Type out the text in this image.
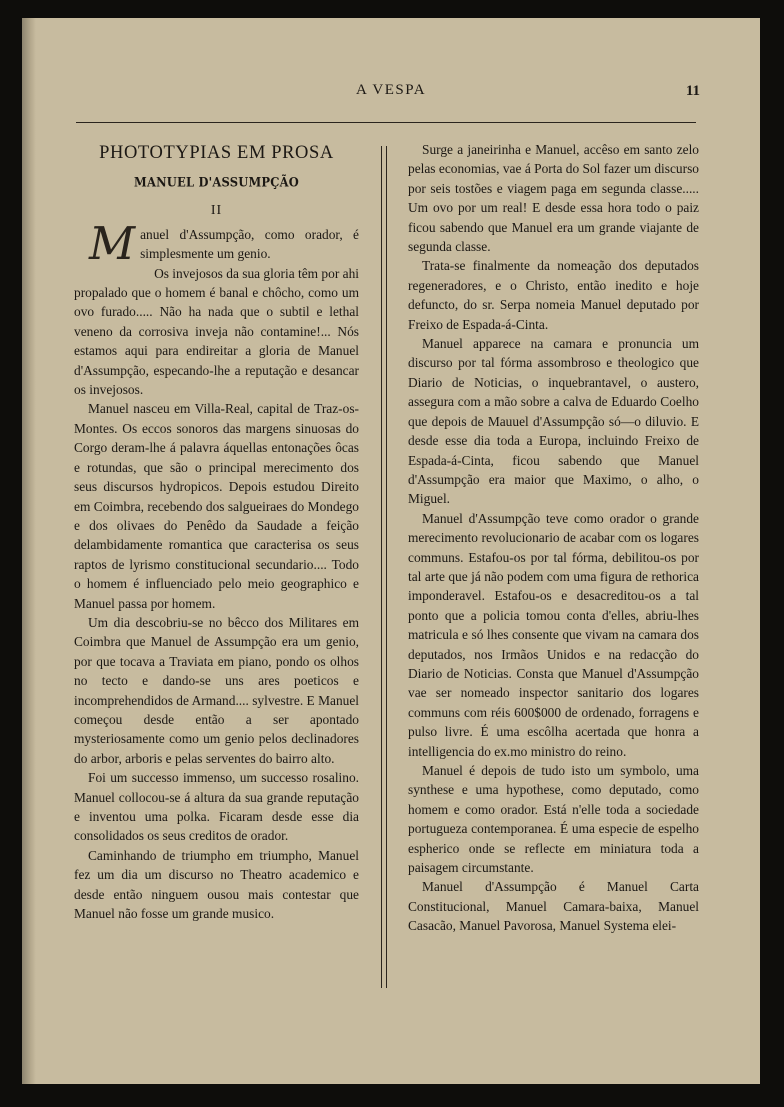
A VESPA	11
PHOTOTYPIAS EM PROSA
MANUEL D'ASSUMPÇÃO
II

Manuel d'Assumpção, como orador, é simplesmente um genio.

Os invejosos da sua gloria têm por ahi propalado que o homem é banal e chôcho, como um ovo furado..... Não ha nada que o subtil e lethal veneno da corrosiva inveja não contamine!... Nós estamos aqui para endireitar a gloria de Manuel d'Assumpção, especando-lhe a reputação e desancar os invejosos.

Manuel nasceu em Villa-Real, capital de Traz-os-Montes. Os eccos sonoros das margens sinuosas do Corgo deram-lhe á palavra áquellas entonações ôcas e rotundas, que são o principal merecimento dos seus discursos hydropicos. Depois estudou Direito em Coimbra, recebendo dos salgueiraes do Mondego e dos olivaes do Penêdo da Saudade a feição delambidamente romantica que caracterisa os seus raptos de lyrismo constitucional secundario.... Todo o homem é influenciado pelo meio geographico e Manuel passa por homem.

Um dia descobriu-se no bêcco dos Militares em Coimbra que Manuel de Assumpção era um genio, por que tocava a Traviata em piano, pondo os olhos no tecto e dando-se uns ares poeticos e incomprehendidos de Armand.... sylvestre. E Manuel começou desde então a ser apontado mysteriosamente como um genio pelos declinadores do arbor, arboris e pelas serventes do bairro alto.

Foi um successo immenso, um successo rosalino. Manuel collocou-se á altura da sua grande reputação e inventou uma polka. Ficaram desde esse dia consolidados os seus creditos de orador.

Caminhando de triumpho em triumpho, Manuel fez um dia um discurso no Theatro academico e desde então ninguem ousou mais contestar que Manuel não fosse um grande musico.

Surge a janeirinha e Manuel, accêso em santo zelo pelas economias, vae á Porta do Sol fazer um discurso por seis tostões e viagem paga em segunda classe..... Um ovo por um real! E desde essa hora todo o paiz ficou sabendo que Manuel era um grande viajante de segunda classe.

Trata-se finalmente da nomeação dos deputados regeneradores, e o Christo, então inedito e hoje defuncto, do sr. Serpa nomeia Manuel deputado por Freixo de Espada-á-Cinta.

Manuel apparece na camara e pronuncia um discurso por tal fórma assombroso e theologico que Diario de Noticias, o inquebrantavel, o austero, assegura com a mão sobre a calva de Eduardo Coelho que depois de Mauuel d'Assumpção só—o diluvio. E desde esse dia toda a Europa, incluindo Freixo de Espada-á-Cinta, ficou sabendo que Manuel d'Assumpção era maior que Maximo, o alho, o Miguel.

Manuel d'Assumpção teve como orador o grande merecimento revolucionario de acabar com os logares communs. Estafou-os por tal fórma, debilitou-os por tal arte que já não podem com uma figura de rethorica imponderavel. Estafou-os e desacreditou-os a tal ponto que a policia tomou conta d'elles, abriu-lhes matricula e só lhes consente que vivam na camara dos deputados, nos Irmãos Unidos e na redacção do Diario de Noticias. Consta que Manuel d'Assumpção vae ser nomeado inspector sanitario dos logares communs com réis 600$000 de ordenado, forragens e pulso livre. É uma escôlha acertada que honra a intelligencia do ex.mo ministro do reino.

Manuel é depois de tudo isto um symbolo, uma synthese e uma hypothese, como deputado, como homem e como orador. Está n'elle toda a sociedade portugueza contemporanea. É uma especie de espelho espherico onde se reflecte em miniatura toda a paisagem circumstante.

Manuel d'Assumpção é Manuel Carta Constitucional, Manuel Camara-baixa, Manuel Casacão, Manuel Pavorosa, Manuel Systema elei-
